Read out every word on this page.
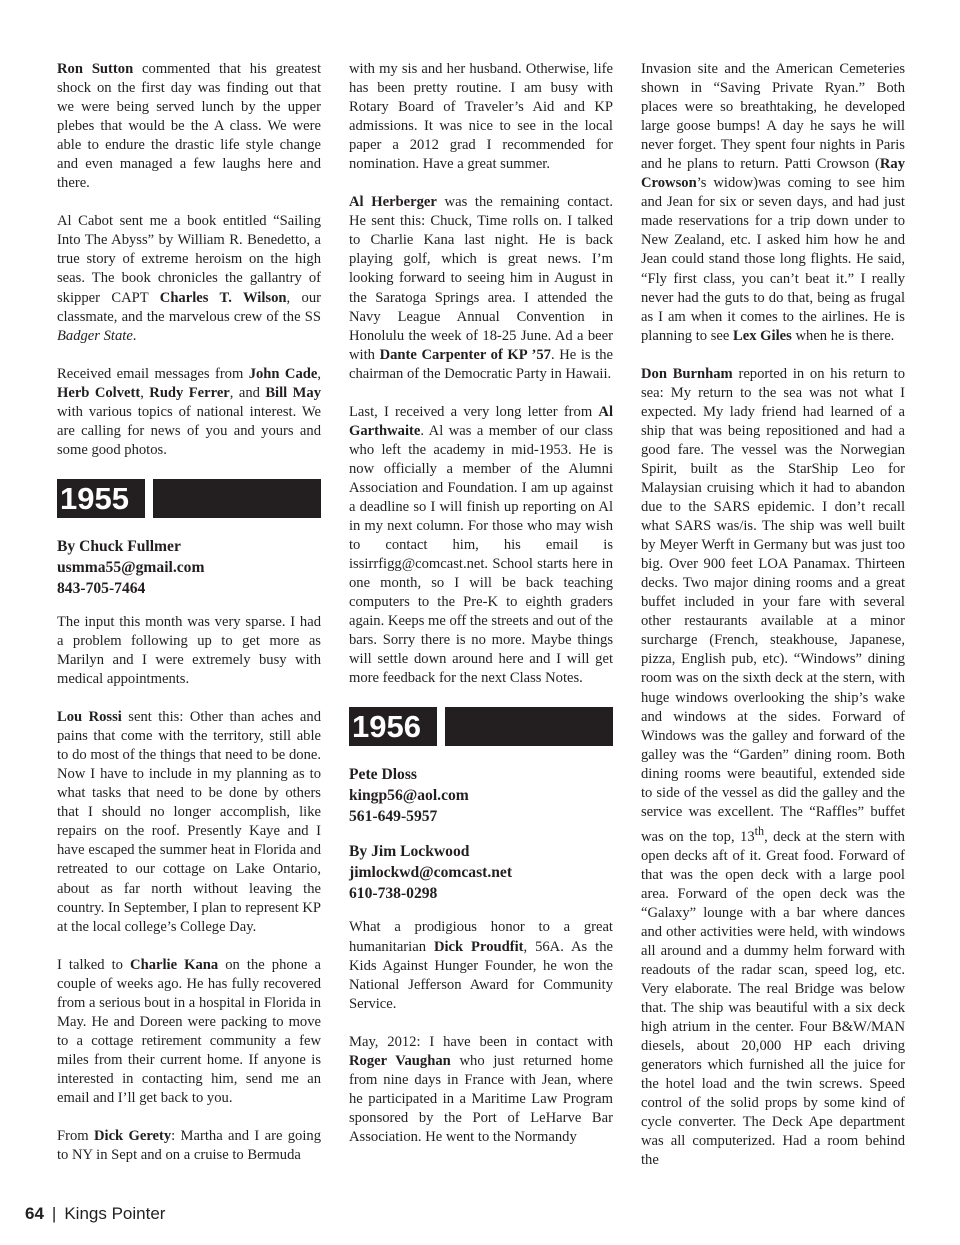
Ron Sutton commented that his greatest shock on the first day was finding out that we were being served lunch by the upper plebes that would be the A class. We were able to endure the drastic life style change and even managed a few laughs here and there.

Al Cabot sent me a book entitled “Sailing Into The Abyss” by William R. Benedetto, a true story of extreme heroism on the high seas. The book chronicles the gallantry of skipper CAPT Charles T. Wilson, our classmate, and the marvelous crew of the SS Badger State.

Received email messages from John Cade, Herb Colvett, Rudy Ferrer, and Bill May with various topics of national interest. We are calling for news of you and yours and some good photos.

1955
By Chuck Fullmer
usmma55@gmail.com
843-705-7464

The input this month was very sparse. I had a problem following up to get more as Marilyn and I were extremely busy with medical appointments.

Lou Rossi sent this: Other than aches and pains that come with the territory, still able to do most of the things that need to be done. Now I have to include in my planning as to what tasks that need to be done by others that I should no longer accomplish, like repairs on the roof. Presently Kaye and I have escaped the summer heat in Florida and retreated to our cottage on Lake Ontario, about as far north without leaving the country. In September, I plan to represent KP at the local college’s College Day.

I talked to Charlie Kana on the phone a couple of weeks ago. He has fully recovered from a serious bout in a hospital in Florida in May. He and Doreen were packing to move to a cottage retirement community a few miles from their current home. If anyone is interested in contacting him, send me an email and I’ll get back to you.

From Dick Gerety: Martha and I are going to NY in Sept and on a cruise to Bermuda

with my sis and her husband. Otherwise, life has been pretty routine. I am busy with Rotary Board of Traveler’s Aid and KP admissions. It was nice to see in the local paper a 2012 grad I recommended for nomination. Have a great summer.

Al Herberger was the remaining contact. He sent this: Chuck, Time rolls on. I talked to Charlie Kana last night. He is back playing golf, which is great news. I’m looking forward to seeing him in August in the Saratoga Springs area. I attended the Navy League Annual Convention in Honolulu the week of 18-25 June. Ad a beer with Dante Carpenter of KP ’57. He is the chairman of the Democratic Party in Hawaii.

Last, I received a very long letter from Al Garthwaite. Al was a member of our class who left the academy in mid-1953. He is now officially a member of the Alumni Association and Foundation. I am up against a deadline so I will finish up reporting on Al in my next column. For those who may wish to contact him, his email is issirrfigg@comcast.net. School starts here in one month, so I will be back teaching computers to the Pre-K to eighth graders again. Keeps me off the streets and out of the bars. Sorry there is no more. Maybe things will settle down around here and I will get more feedback for the next Class Notes.

1956
Pete Dloss
kingp56@aol.com
561-649-5957
By Jim Lockwood
jimlockwd@comcast.net
610-738-0298

What a prodigious honor to a great humanitarian Dick Proudfit, 56A. As the Kids Against Hunger Founder, he won the National Jefferson Award for Community Service.

May, 2012: I have been in contact with Roger Vaughan who just returned home from nine days in France with Jean, where he participated in a Maritime Law Program sponsored by the Port of LeHarve Bar Association. He went to the Normandy

Invasion site and the American Cemeteries shown in “Saving Private Ryan.” Both places were so breathtaking, he developed large goose bumps! A day he says he will never forget. They spent four nights in Paris and he plans to return. Patti Crowson (Ray Crowson’s widow)was coming to see him and Jean for six or seven days, and had just made reservations for a trip down under to New Zealand, etc. I asked him how he and Jean could stand those long flights. He said, “Fly first class, you can’t beat it.” I really never had the guts to do that, being as frugal as I am when it comes to the airlines. He is planning to see Lex Giles when he is there.

Don Burnham reported in on his return to sea: My return to the sea was not what I expected. My lady friend had learned of a ship that was being repositioned and had a good fare. The vessel was the Norwegian Spirit, built as the StarShip Leo for Malaysian cruising which it had to abandon due to the SARS epidemic. I don’t recall what SARS was/is. The ship was well built by Meyer Werft in Germany but was just too big. Over 900 feet LOA Panamax. Thirteen decks. Two major dining rooms and a great buffet included in your fare with several other restaurants available at a minor surcharge (French, steakhouse, Japanese, pizza, English pub, etc). “Windows” dining room was on the sixth deck at the stern, with huge windows overlooking the ship’s wake and windows at the sides. Forward of Windows was the galley and forward of the galley was the “Garden” dining room. Both dining rooms were beautiful, extended side to side of the vessel as did the galley and the service was excellent. The “Raffles” buffet was on the top, 13th, deck at the stern with open decks aft of it. Great food. Forward of that was the open deck with a large pool area. Forward of the open deck was the “Galaxy” lounge with a bar where dances and other activities were held, with windows all around and a dummy helm forward with readouts of the radar scan, speed log, etc. Very elaborate. The real Bridge was below that. The ship was beautiful with a six deck high atrium in the center. Four B&W/MAN diesels, about 20,000 HP each driving generators which furnished all the juice for the hotel load and the twin screws. Speed control of the solid props by some kind of cycle converter. The Deck Ape department was all computerized. Had a room behind the

64 | Kings Pointer
